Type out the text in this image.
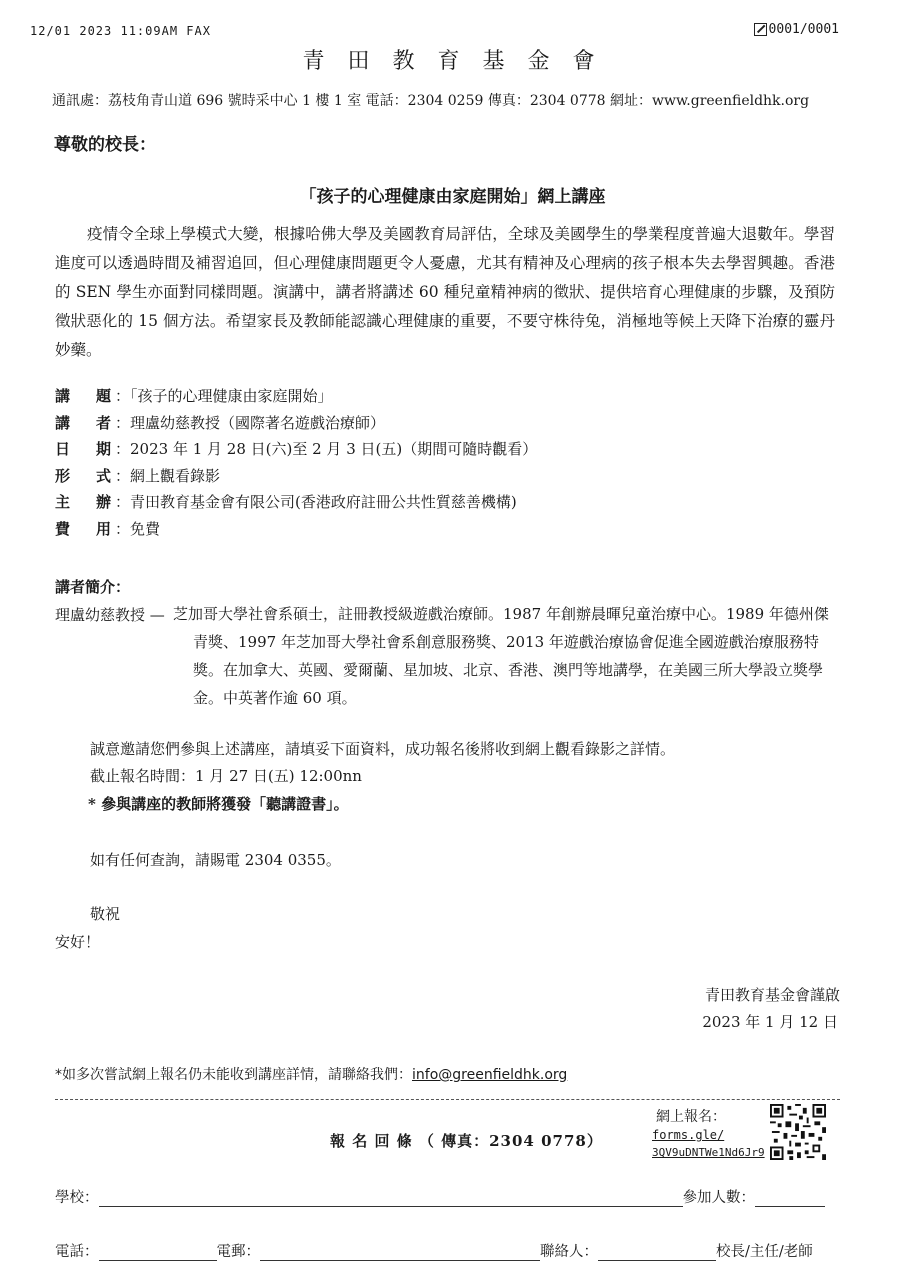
12/01 2023 11:09AM FAX	0001/0001
青 田 教 育 基 金 會
通訊處：荔枝角青山道 696 號時采中心 1 樓 1 室 電話：2304 0259 傳真：2304 0778 網址：www.greenfieldhk.org
尊敬的校長：
「孩子的心理健康由家庭開始」網上講座
疫情令全球上學模式大變，根據哈佛大學及美國教育局評估，全球及美國學生的學業程度普遍大退數年。學習進度可以透過時間及補習追回，但心理健康問題更令人憂慮，尤其有精神及心理病的孩子根本失去學習興趣。香港的 SEN 學生亦面對同樣問題。演講中，講者將講述 60 種兒童精神病的徵狀、提供培育心理健康的步驟，及預防徵狀惡化的 15 個方法。希望家長及教師能認識心理健康的重要，不要守株待兔，消極地等候上天降下治療的靈丹妙藥。
講 題 ：「孩子的心理健康由家庭開始」
講 者 ：理盧幼慈教授（國際著名遊戲治療師）
日 期 ：2023 年 1 月 28 日(六)至 2 月 3 日(五)（期間可隨時觀看）
形 式 ：網上觀看錄影
主 辦 ：青田教育基金會有限公司(香港政府註冊公共性質慈善機構)
費 用 ：免費
講者簡介：
理盧幼慈教授 — 芝加哥大學社會系碩士，註冊教授級遊戲治療師。1987 年創辦晨暉兒童治療中心。1989 年德州傑青獎、1997 年芝加哥大學社會系創意服務獎、2013 年遊戲治療協會促進全國遊戲治療服務特獎。在加拿大、英國、愛爾蘭、星加坡、北京、香港、澳門等地講學，在美國三所大學設立獎學金。中英著作逾 60 項。
誠意邀請您們參與上述講座，請填妥下面資料，成功報名後將收到網上觀看錄影之詳情。
截止報名時間：1 月 27 日(五) 12:00nn
* 參與講座的教師將獲發「聽講證書」。
如有任何查詢，請賜電 2304 0355。
敬祝
安好！
青田教育基金會謹啟
2023 年 1 月 12 日
*如多次嘗試網上報名仍未能收到講座詳情，請聯絡我們：info@greenfieldhk.org
報 名 回 條 （ 傳真：2304 0778）
網上報名：
forms.gle/
3QV9uDNTWe1Nd6Jr9
學校：	參加人數：
電話：	電郵：	聯絡人：	校長/主任/老師
